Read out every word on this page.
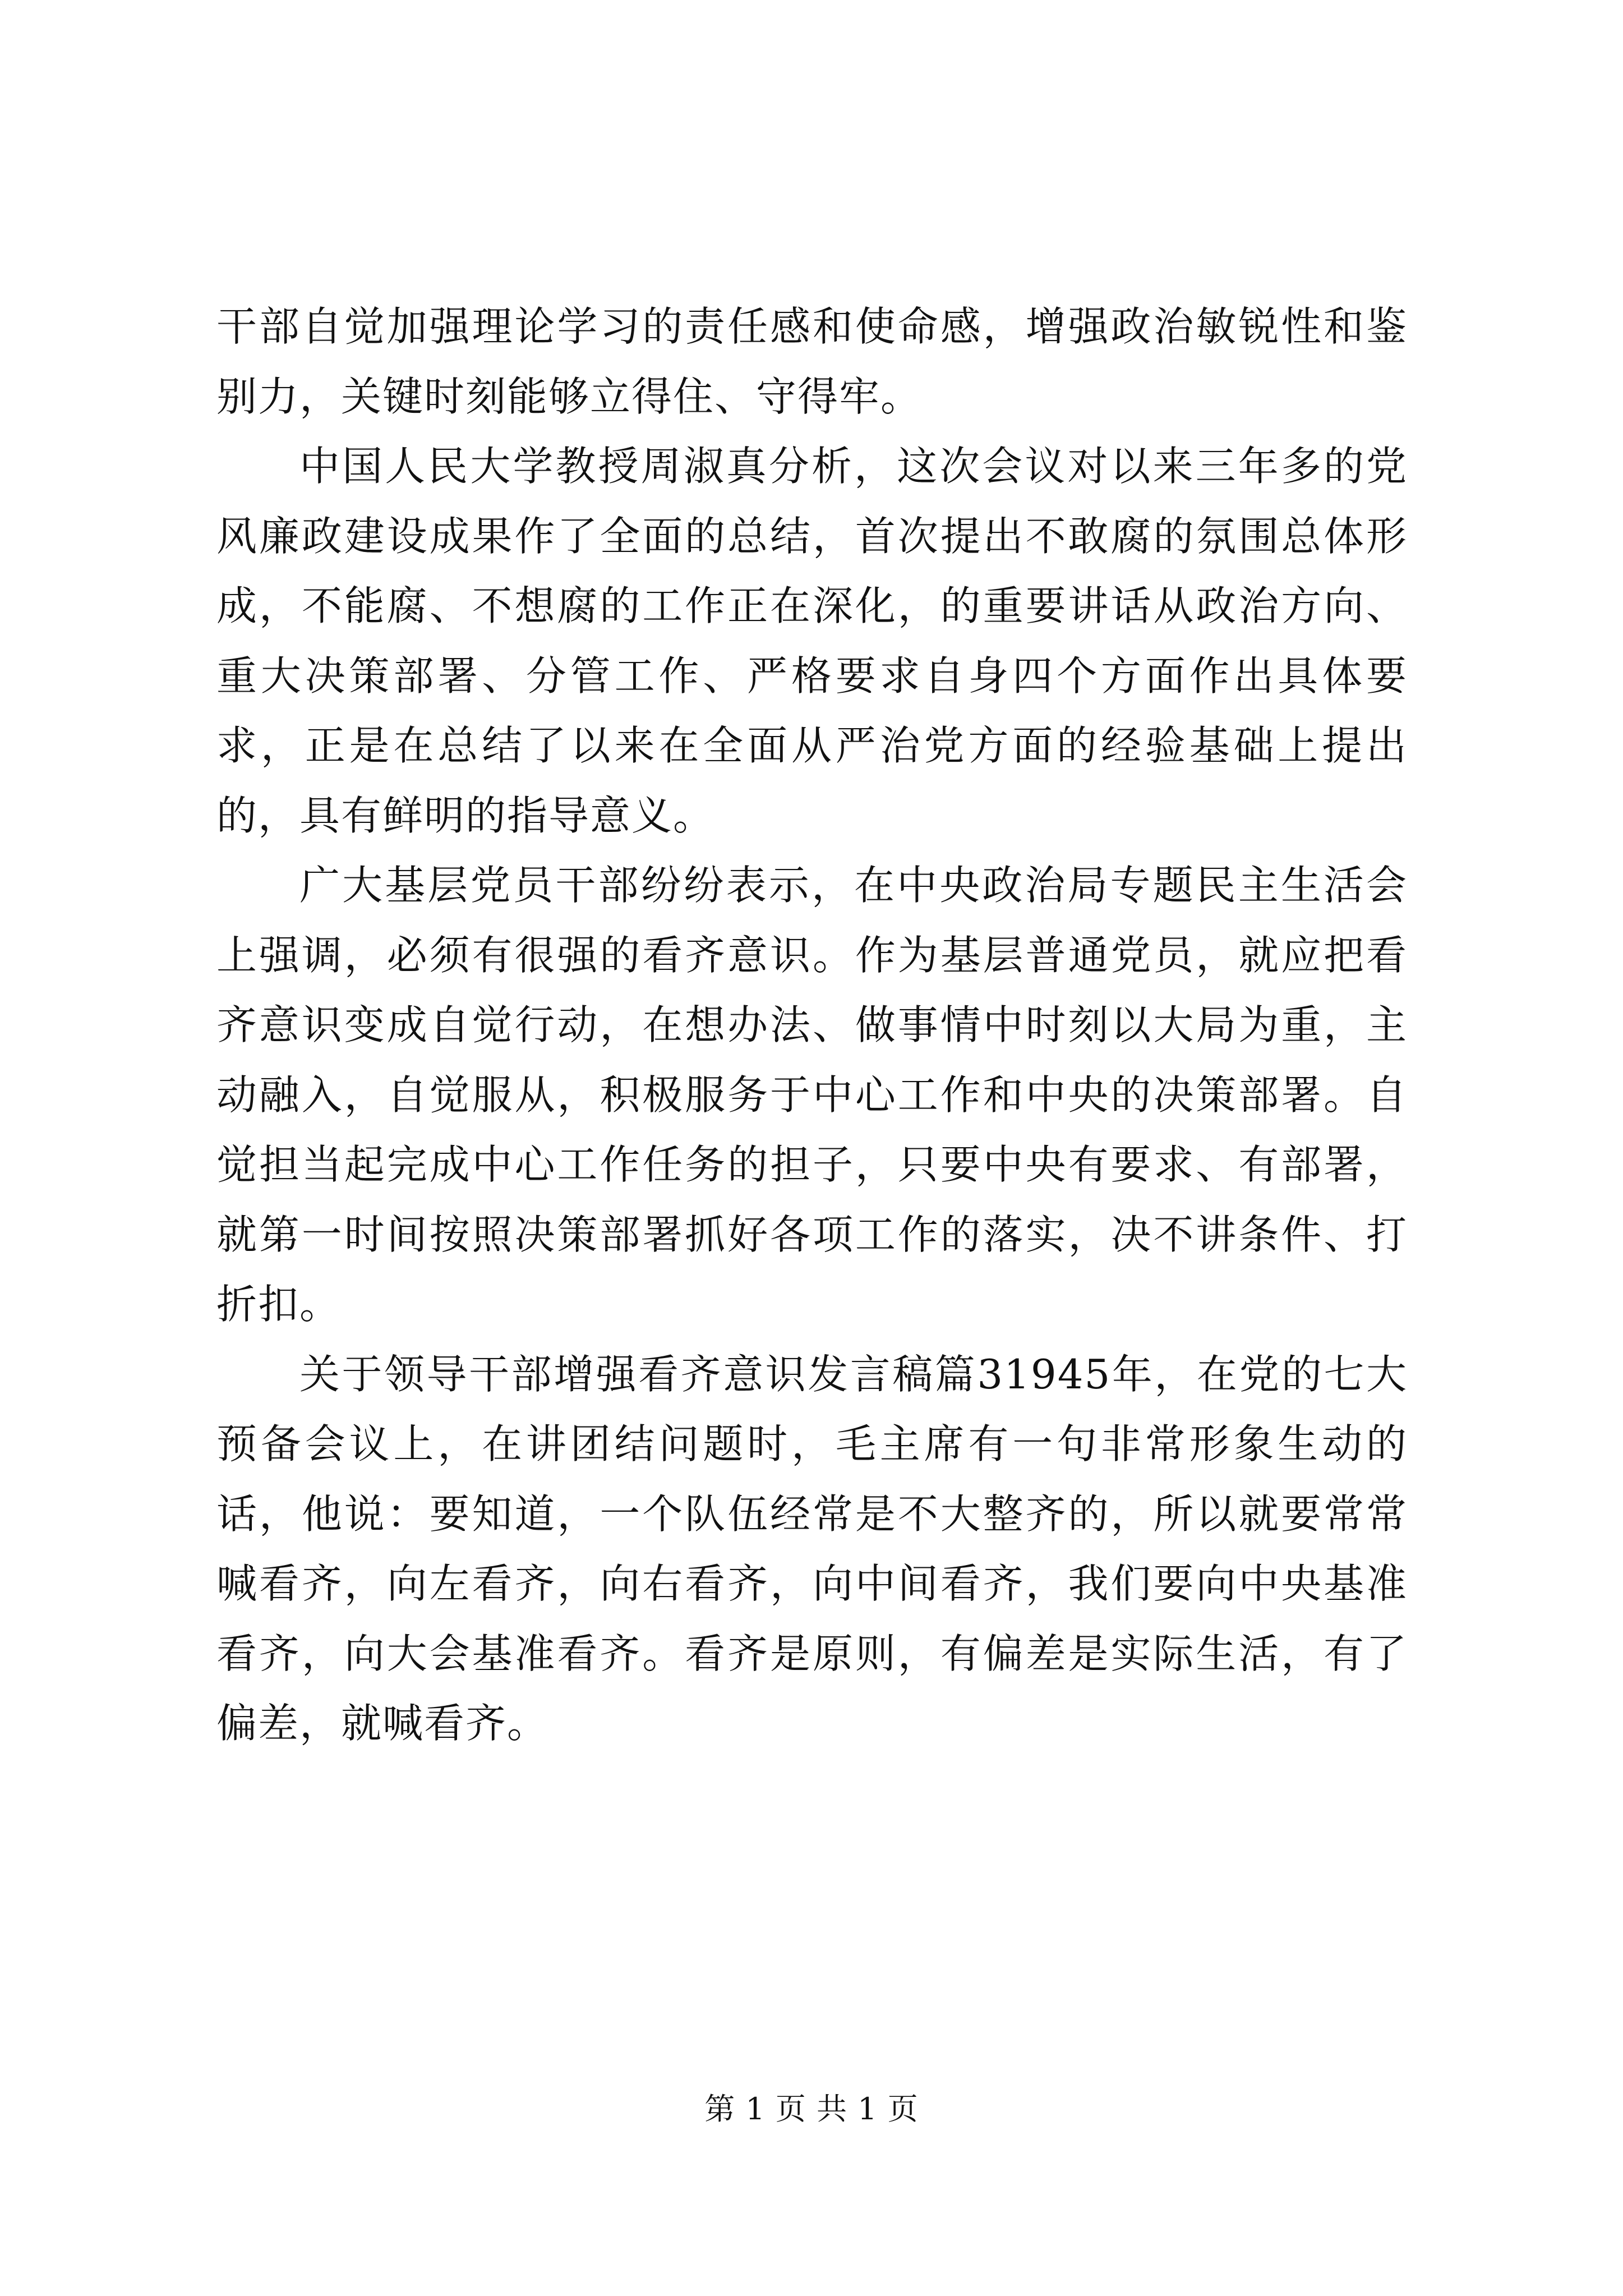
干部自觉加强理论学习的责任感和使命感，增强政治敏锐性和鉴别力，关键时刻能够立得住、守得牢。

中国人民大学教授周淑真分析，这次会议对以来三年多的党风廉政建设成果作了全面的总结，首次提出不敢腐的氛围总体形成，不能腐、不想腐的工作正在深化，的重要讲话从政治方向、重大决策部署、分管工作、严格要求自身四个方面作出具体要求，正是在总结了以来在全面从严治党方面的经验基础上提出的，具有鲜明的指导意义。

广大基层党员干部纷纷表示，在中央政治局专题民主生活会上强调，必须有很强的看齐意识。作为基层普通党员，就应把看齐意识变成自觉行动，在想办法、做事情中时刻以大局为重，主动融入，自觉服从，积极服务于中心工作和中央的决策部署。自觉担当起完成中心工作任务的担子，只要中央有要求、有部署，就第一时间按照决策部署抓好各项工作的落实，决不讲条件、打折扣。

关于领导干部增强看齐意识发言稿篇31945年，在党的七大预备会议上，在讲团结问题时，毛主席有一句非常形象生动的话，他说：要知道，一个队伍经常是不大整齐的，所以就要常常喊看齐，向左看齐，向右看齐，向中间看齐，我们要向中央基准看齐，向大会基准看齐。看齐是原则，有偏差是实际生活，有了偏差，就喊看齐。

第 1 页 共 1 页
